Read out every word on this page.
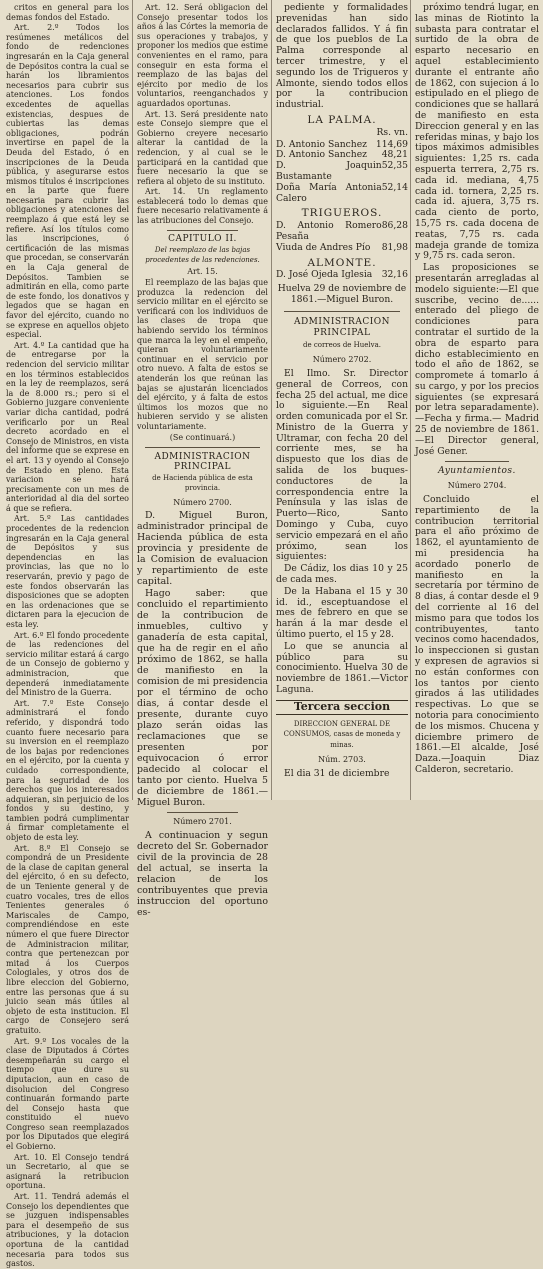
critos en general para los demas fondos del Estado.

Art. 2.º Todos los resúmenes metálicos del fondo de redenciones ingresarán en la Caja general de Depósitos contra la cual se harán los libramientos necesarios para cubrir sus atenciones. Los fondos excedentes de aquellas existencias, despues de cubiertas las demas obligaciones, podrán invertirse en papel de la Deuda del Estado, ó en inscripciones de la Deuda pública, y asegurarse estos mismos títulos é inscripciones en la parte que fuere necesaria para cubrir las obligaciones y atenciones del reemplazo á que está ley se refiere. Así los títulos como las inscripciones, ó certificación de las mismas que procedan, se conservarán en la Caja general de Depósitos. Tambien se admitirán en ella, como parte de este fondo, los donativos y legados que se hagan en favor del ejército, cuando no se exprese en aquellos objeto especial.

Art. 4.º La cantidad que ha de entregarse por la redencion del servicio militar en los términos establecidos en la ley de reemplazos, será la de 8.000 rs.; pero si el Gobierno juzgare conveniente variar dicha cantidad, podrá verificarlo por un Real decreto acordado en el Consejo de Ministros, en vista del informe que se exprese en el art. 13 y oyendo al Consejo de Estado en pleno. Esta variacion se hará precisamente con un mes de anterioridad al dia del sorteo á que se refiera.

Art. 5.º Las cantidades procedentes de la redencion ingresarán en la Caja general de Depósitos y sus dependencias en las provincias, las que no lo reservarán, previo y pago de este fondos observarán las disposiciones que se adopten en las ordenaciones que se dictaren para la ejecucion de esta ley.

Art. 6.º El fondo procedente de las redenciones del servicio militar estará á cargo de un Consejo de gobierno y administracion, que dependerá inmediatamente del Ministro de la Guerra.

Art. 7.º Este Consejo administrará el fondo referido, y dispondrá todo cuanto fuere necesario para su inversion en el reemplazo de los bajas por redenciones en el ejército, por la cuenta y cuidado correspondiente, para la seguridad de los derechos que los interesados adquieran, sin perjuicio de los fondos y su destino, y tambien podrá cumplimentar á firmar completamente el objeto de esta ley.

Art. 8.º El Consejo se compondrá de un Presidente de la clase de capitan general del ejército, ó en su defecto, de un Teniente general y de cuatro vocales, tres de ellos Tenientes generales ó Mariscales de Campo, comprendiéndose en este número el que fuere Director de Administracion militar, contra que pertenezcan por mitad á los Cuerpos Cologiales, y otros dos de libre eleccion del Gobierno, entre las personas que á su juicio sean más útiles al objeto de esta institucion. El cargo de Consejero será gratuito.

Art. 9.º Los vocales de la clase de Diputados á Córtes desempeñarán su cargo el tiempo que dure su diputacion, aun en caso de disolucion del Congreso continuarán formando parte del Consejo hasta que constituido el nuevo Congreso sean reemplazados por los Diputados que elegirá el Gobierno.

Art. 10. El Consejo tendrá un Secretario, al que se asignará la retribucion oportuna.

Art. 11. Tendrá además el Consejo los dependientes que se juzguen indispensables para el desempeño de sus atribuciones, y la dotacion oportuna de la cantidad necesaria para todos sus gastos.

Art. 12. Será obligacion del Consejo presentar todos los años á las Córtes la memoria de sus operaciones y trabajos, y proponer los medios que estime convenientes en el ramo, para conseguir en esta forma el reemplazo de las bajas del ejército por medio de los voluntarios, reenganchados y aguardados oportunas.

Art. 13. Será presidente nato este Consejo siempre que el Gobierno creyere necesario alterar la cantidad de la redencion, y al cual se le participará en la cantidad que fuere necesario la que se refiera al objeto de su instituto.

Art. 14. Un reglamento establecerá todo lo demas que fuere necesario relativamente á las atribuciones del Consejo.

CAPITULO II.

Del reemplazo de las bajas procedentes de las redenciones.

Art. 15.

El reemplazo de las bajas que produzca la redencion del servicio militar en el ejército se verificará con los individuos de las clases de tropa que habiendo servido los términos que marca la ley en el empeño, quieran voluntariamente continuar en el servicio por otro nuevo. A falta de estos se atenderán los que reúnan las bajas se ajustarán licenciados del ejército, y á falta de estos últimos los mozos que no hubieren servido y se alisten voluntariamente.

(Se continuará.)

ADMINISTRACION PRINCIPAL

de Hacienda pública de esta provincia.

Número 2700.

D. Miguel Buron, administrador principal de Hacienda pública de esta provincia y presidente de la Comision de evaluacion y repartimiento de este capital.

Hago saber: que concluido el repartimiento de la contribucion de inmuebles, cultivo y ganadería de esta capital, que ha de regir en el año próximo de 1862, se halla de manifiesto en la comision de mi presidencia por el término de ocho dias, á contar desde el presente, durante cuyo plazo serán oidas las reclamaciones que se presenten por equivocacion ó error padecido al colocar el tanto por ciento. Huelva 5 de diciembre de 1861.—Miguel Buron.

Número 2701.

A continuacion y segun decreto del Sr. Gobernador civil de la provincia de 28 del actual, se inserta la relacion de los contribuyentes que previa instruccion del oportuno es-

pediente y formalidades prevenidas han sido declarados fallidos. Y á fin de que los pueblos de La Palma corresponde al tercer trimestre, y el segundo los de Trigueros y Almonte, siendo todos ellos por la contribucion industrial.

LA PALMA.

Rs. vn.

D. Antonio Sanchez 114,69
D. Antonio Sanchez 48,21
D. Joaquin Bustamante
52,35
Doña María Antonia Calero
52,14

TRIGUEROS.

D. Antonio Romero Pesaña
86,28
Viuda de Andres Pío 81,98

ALMONTE.

D. José Ojeda Iglesia 32,16

Huelva 29 de noviembre de 1861.—Miguel Buron.

ADMINISTRACION PRINCIPAL

de correos de Huelva.

Número 2702.

El Ilmo. Sr. Director general de Correos, con fecha 25 del actual, me dice lo siguiente.—En Real orden comunicada por el Sr. Ministro de la Guerra y Ultramar, con fecha 20 del corriente mes, se ha dispuesto que los dias de salida de los buques-conductores de la correspondencia entre la Península y las islas de Puerto—Rico, Santo Domingo y Cuba, cuyo servicio empezará en el año próximo, sean los siguientes:

De Cádiz, los dias 10 y 25 de cada mes.

De la Habana el 15 y 30 id. id., esceptuandose el mes de febrero en que se harán á la mar desde el último puerto, el 15 y 28.

Lo que se anuncia al público para su conocimiento. Huelva 30 de noviembre de 1861.—Victor Laguna.

Tercera seccion

DIRECCION GENERAL DE CONSUMOS, casas de moneda y minas.

Núm. 2703.

El dia 31 de diciembre

próximo tendrá lugar, en las minas de Riotinto la subasta para contratar el surtido de la obra de esparto necesario en aquel establecimiento durante el entrante año de 1862, con sujecion á lo estipulado en el pliego de condiciones que se hallará de manifiesto en esta Direccion general y en las referidas minas, y bajo los tipos máximos admisibles siguientes: 1,25 rs. cada espuerta terrera, 2,75 rs. cada id. mediana, 4,75 cada id. tornera, 2,25 rs. cada id. ajuera, 3,75 rs. cada ciento de porto, 15,75 rs. cada docena de reatas, 7,75 rs. cada madeja grande de tomiza y 9,75 rs. cada seron.

Las proposiciones se presentarán arregladas al modelo siguiente:—El que suscribe, vecino de...... enterado del pliego de condiciones para contratar el surtido de la obra de esparto para dicho establecimiento en todo el año de 1862, se compromete á tomarlo á su cargo, y por los precios siguientes (se expresará por letra separadamente).—Fecha y firma.— Madrid 25 de noviembre de 1861.—El Director general, José Gener.

Ayuntamientos.

Número 2704.

Concluido el repartimiento de la contribucion territorial para el año próximo de 1862, el ayuntamiento de mi presidencia ha acordado ponerlo de manifiesto en la secretaría por término de 8 dias, á contar desde el 9 del corriente al 16 del mismo para que todos los contribuyentes, tanto vecinos como hacendados, lo inspeccionen si gustan y expresen de agravios si no están conformes con los tantos por ciento girados á las utilidades respectivas. Lo que se notoria para conocimiento de los mismos. Chucena y diciembre primero de 1861.—El alcalde, José Daza.—Joaquin Diaz Calderon, secretario.
